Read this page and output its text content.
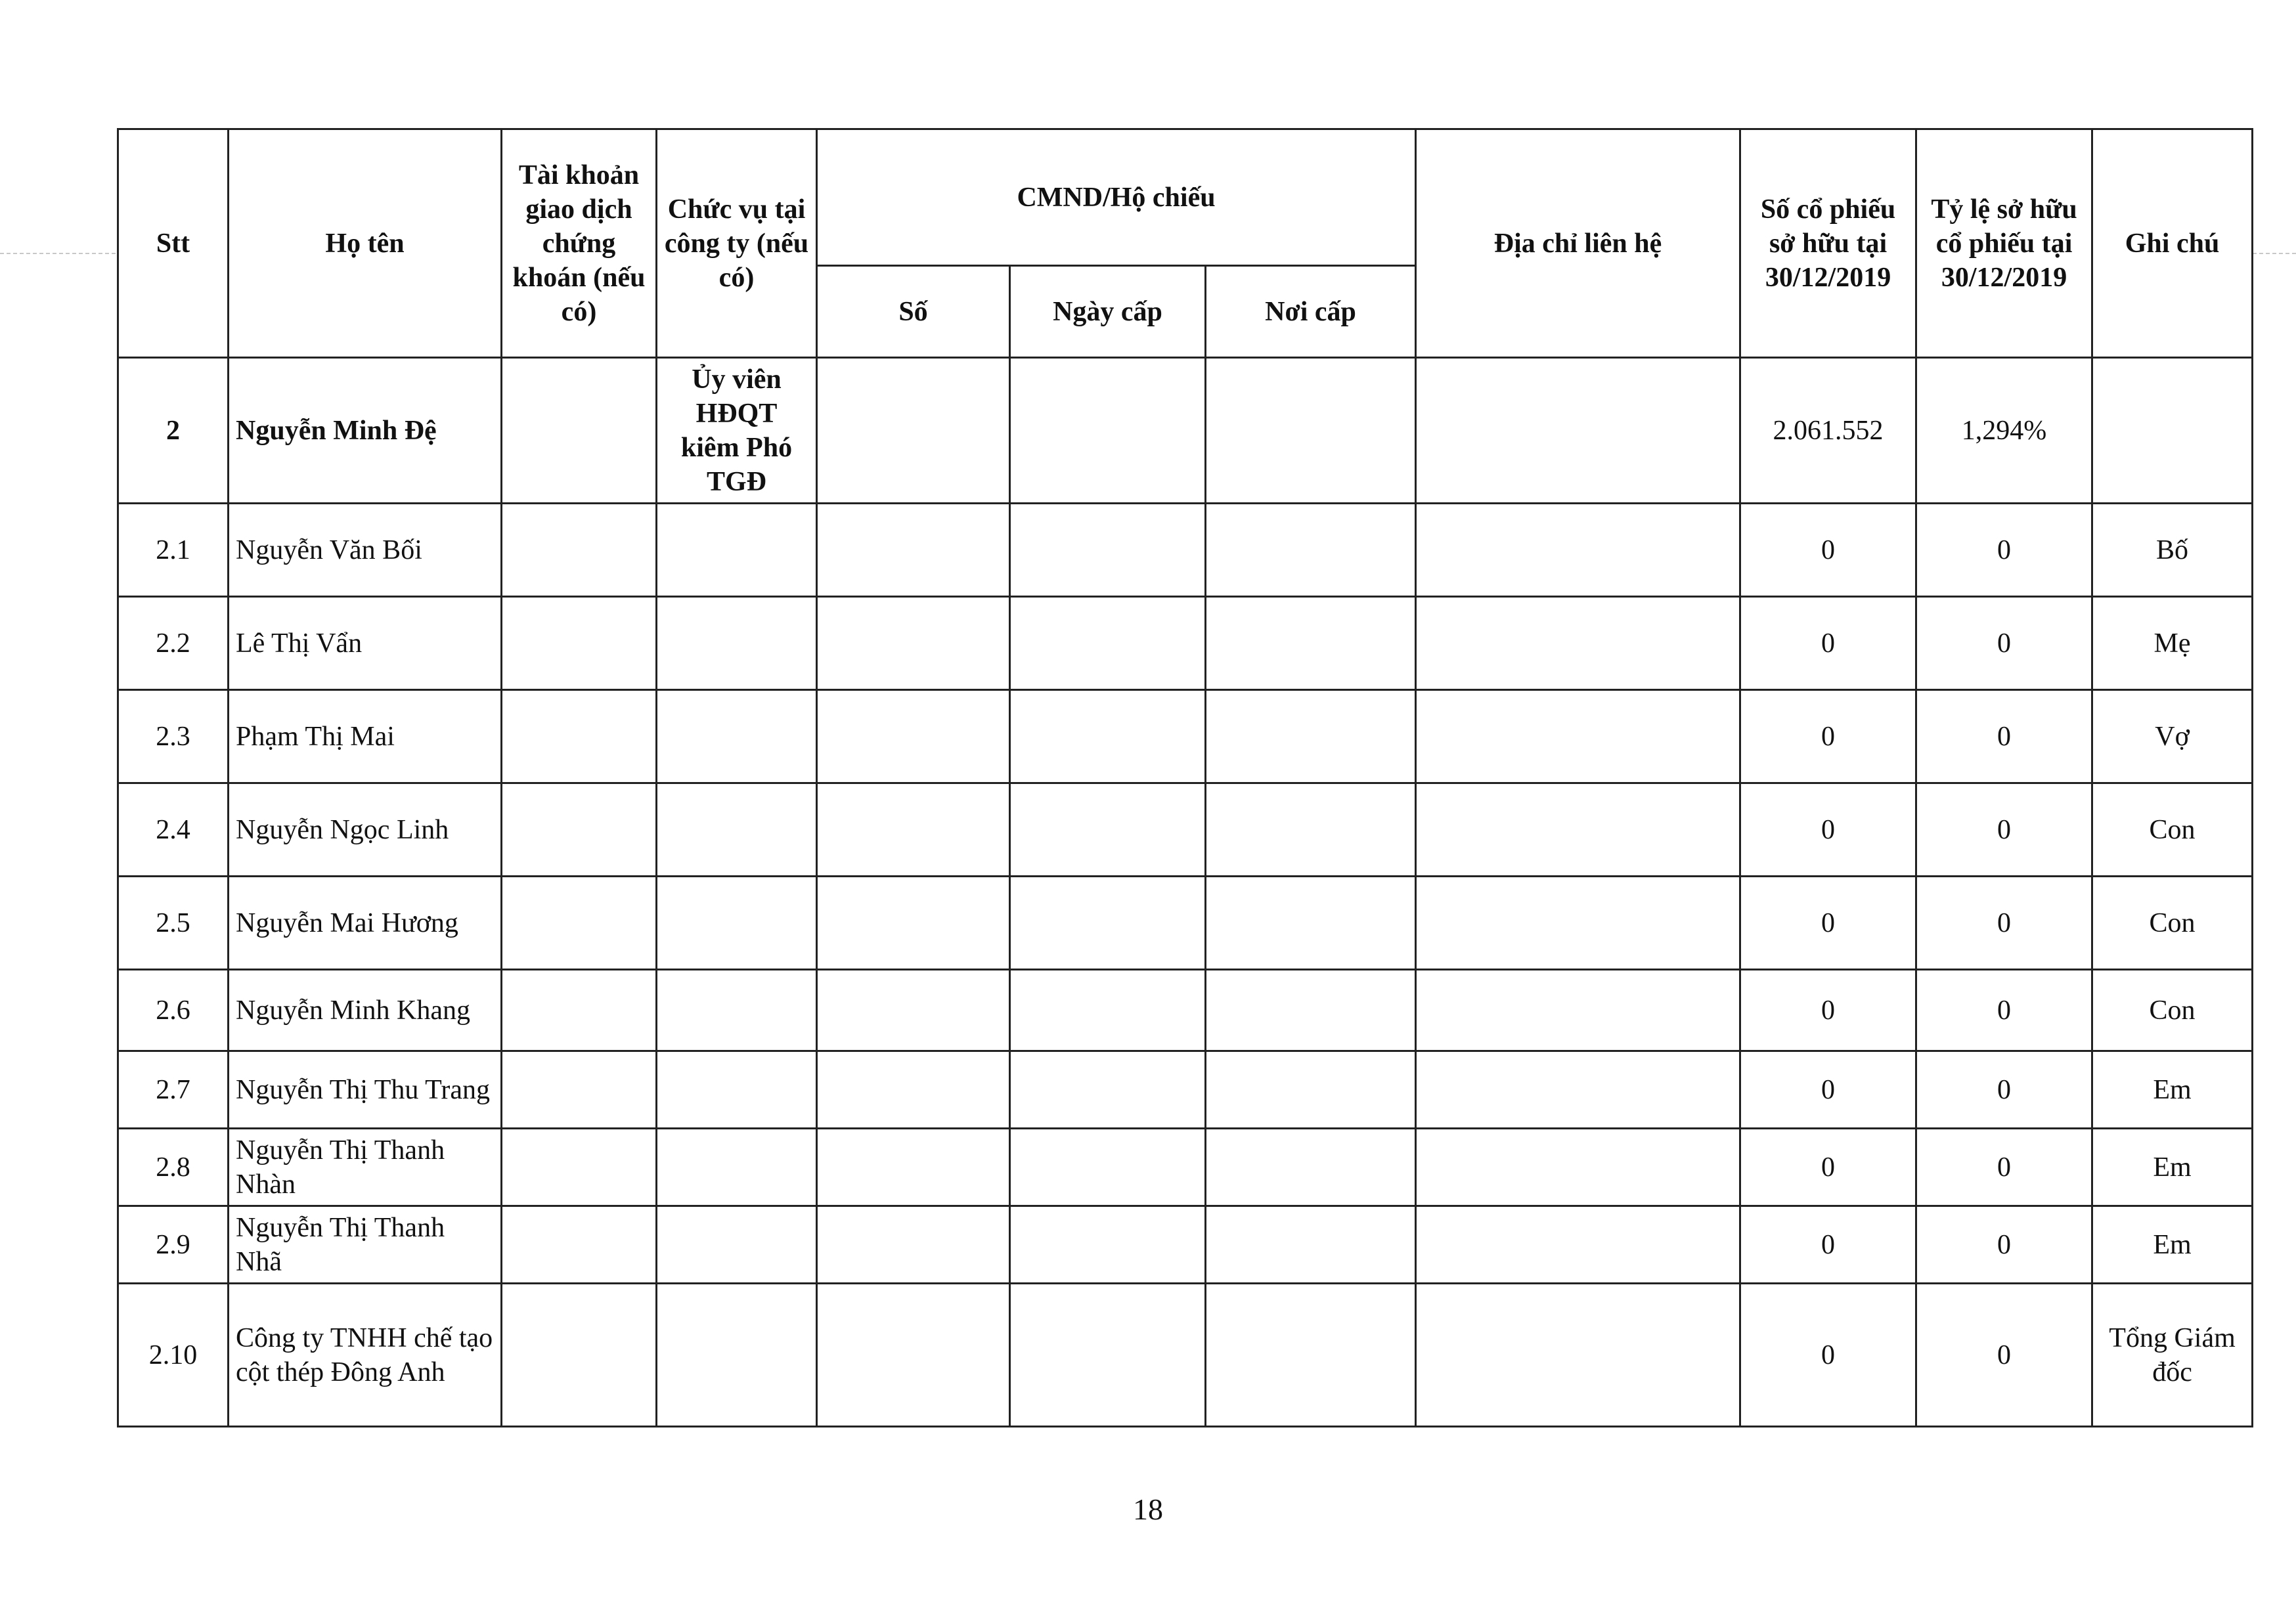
Stt	Họ tên	Tài khoản giao dịch chứng khoán (nếu có)	Chức vụ tại công ty (nếu có)	CMND/Hộ chiếu			Địa chỉ liên hệ	Số cổ phiếu sở hữu tại 30/12/2019	Tỷ lệ sở hữu cổ phiếu tại 30/12/2019	Ghi chú
				Số	Ngày cấp	Nơi cấp				
2	Nguyễn Minh Đệ		Ủy viên HĐQT kiêm Phó TGĐ					2.061.552	1,294%	
2.1	Nguyễn Văn Bối							0	0	Bố
2.2	Lê Thị Vẩn							0	0	Mẹ
2.3	Phạm Thị Mai							0	0	Vợ
2.4	Nguyễn Ngọc Linh							0	0	Con
2.5	Nguyễn Mai Hương							0	0	Con
2.6	Nguyễn Minh Khang							0	0	Con
2.7	Nguyễn Thị Thu Trang							0	0	Em
2.8	Nguyễn Thị Thanh Nhàn							0	0	Em
2.9	Nguyễn Thị Thanh Nhã							0	0	Em
2.10	Công ty TNHH chế tạo cột thép Đông Anh							0	0	Tổng Giám đốc
18
